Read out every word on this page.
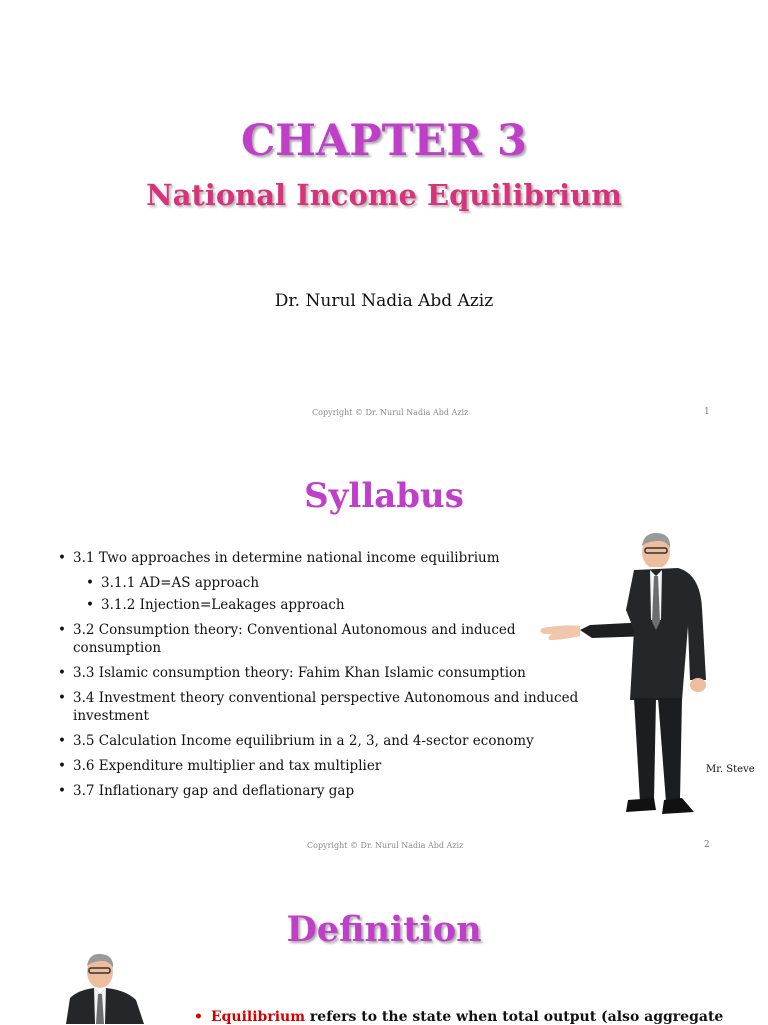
CHAPTER 3
National Income Equilibrium
Dr. Nurul Nadia Abd Aziz
Copyright © Dr. Nurul Nadia Abd Aziz	1
Syllabus
• 3.1 Two approaches in determine national income equilibrium
• 3.1.1 AD=AS approach
• 3.1.2 Injection=Leakages approach
• 3.2 Consumption theory: Conventional Autonomous and induced consumption
• 3.3 Islamic consumption theory: Fahim Khan Islamic consumption
• 3.4 Investment theory conventional perspective Autonomous and induced investment
• 3.5 Calculation Income equilibrium in a 2, 3, and 4-sector economy
• 3.6 Expenditure multiplier and tax multiplier
• 3.7 Inflationary gap and deflationary gap
Mr. Steve
Copyright © Dr. Nurul Nadia Abd Aziz	2
Definition
• Equilibrium refers to the state when total output (also aggregate
